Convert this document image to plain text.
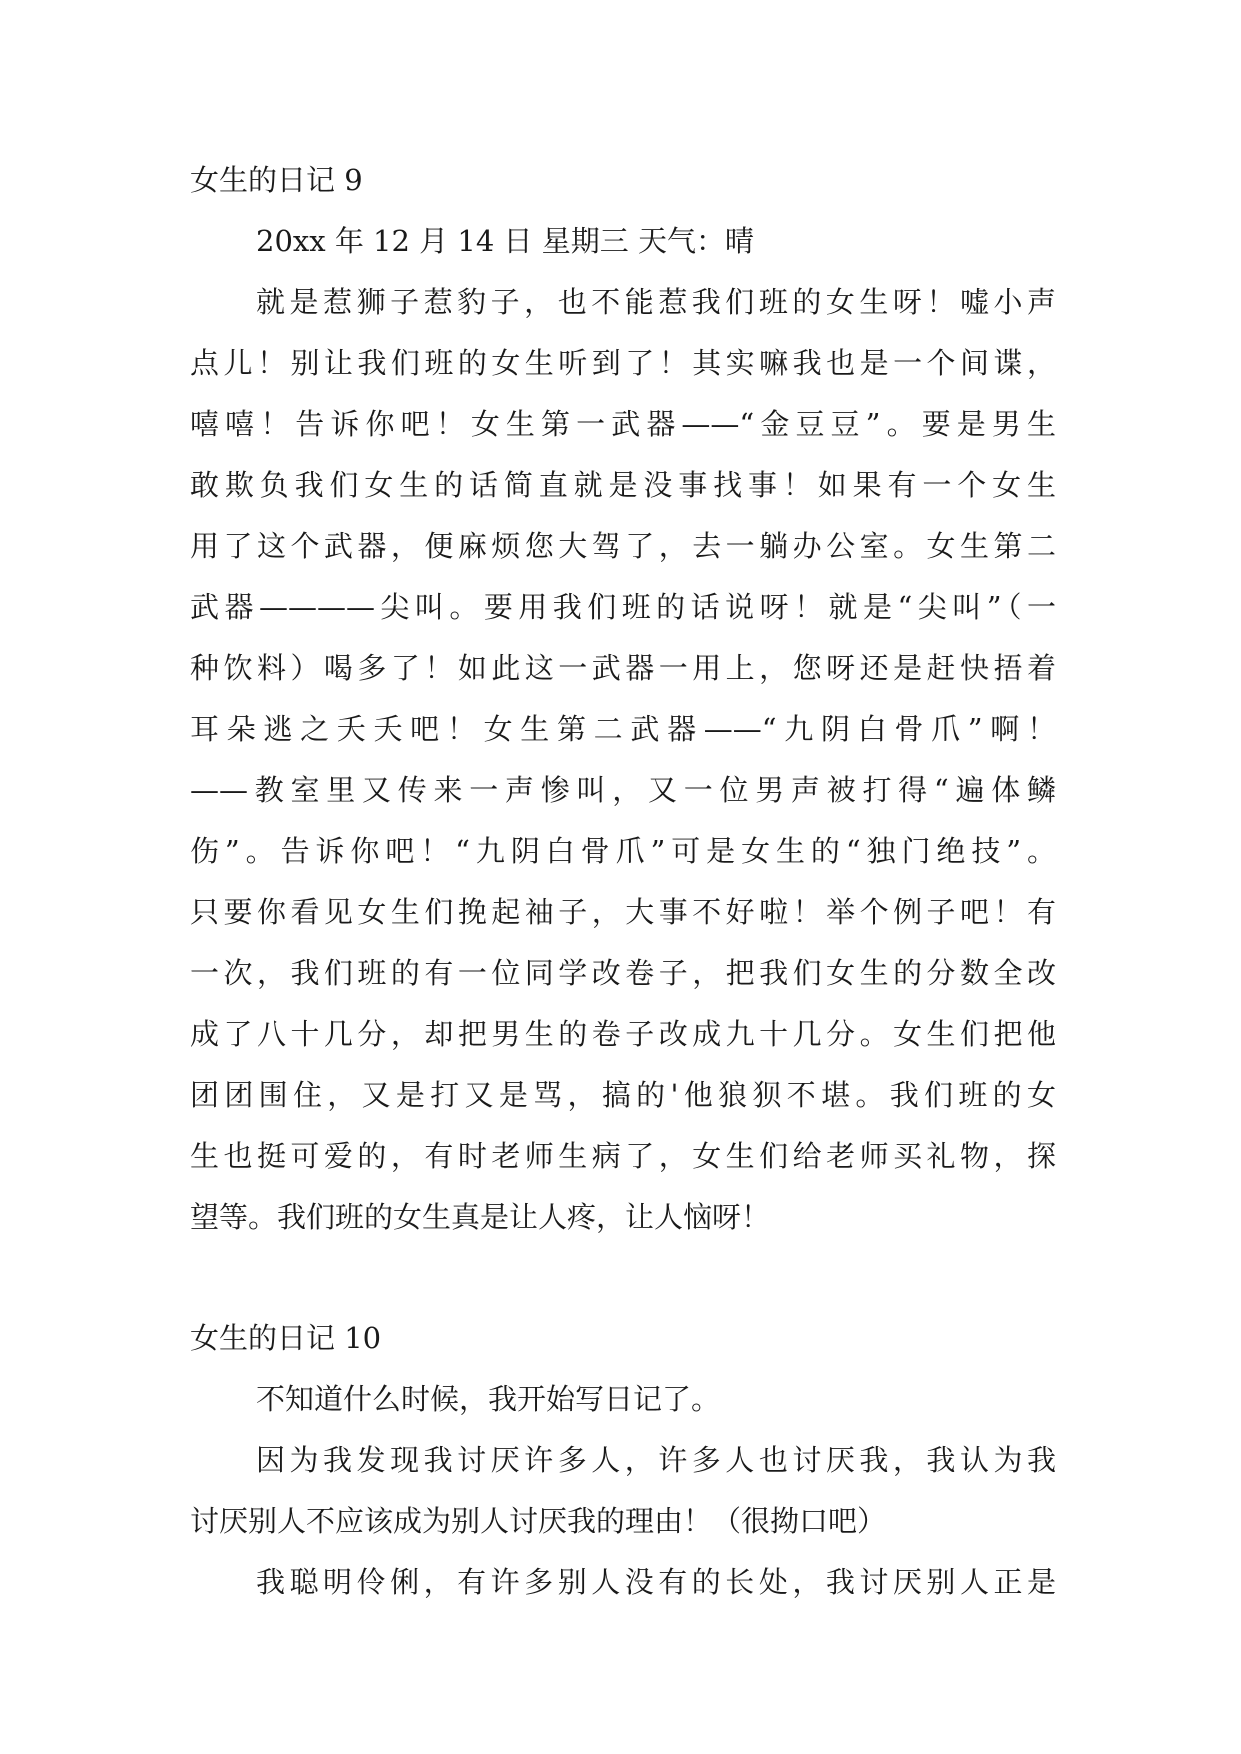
女生的日记 9
20xx 年 12 月 14 日 星期三 天气：晴
就是惹狮子惹豹子，也不能惹我们班的女生呀！嘘小声
点儿！别让我们班的女生听到了！其实嘛我也是一个间谍，
嘻嘻！告诉你吧！女生第一武器——“金豆豆”。要是男生
敢欺负我们女生的话简直就是没事找事！如果有一个女生
用了这个武器，便麻烦您大驾了，去一躺办公室。女生第二
武器————尖叫。要用我们班的话说呀！就是“尖叫”（一
种饮料）喝多了！如此这一武器一用上，您呀还是赶快捂着
耳朵逃之夭夭吧！女生第二武器——“九阴白骨爪”啊！
——教室里又传来一声惨叫，又一位男声被打得“遍体鳞
伤”。告诉你吧！“九阴白骨爪”可是女生的“独门绝技”。
只要你看见女生们挽起袖子，大事不好啦！举个例子吧！有
一次，我们班的有一位同学改卷子，把我们女生的分数全改
成了八十几分，却把男生的卷子改成九十几分。女生们把他
团团围住，又是打又是骂，搞的'他狼狈不堪。我们班的女
生也挺可爱的，有时老师生病了，女生们给老师买礼物，探
望等。我们班的女生真是让人疼，让人恼呀！
女生的日记 10
不知道什么时候，我开始写日记了。
因为我发现我讨厌许多人，许多人也讨厌我，我认为我
讨厌别人不应该成为别人讨厌我的理由！（很拗口吧）
我聪明伶俐，有许多别人没有的长处，我讨厌别人正是
